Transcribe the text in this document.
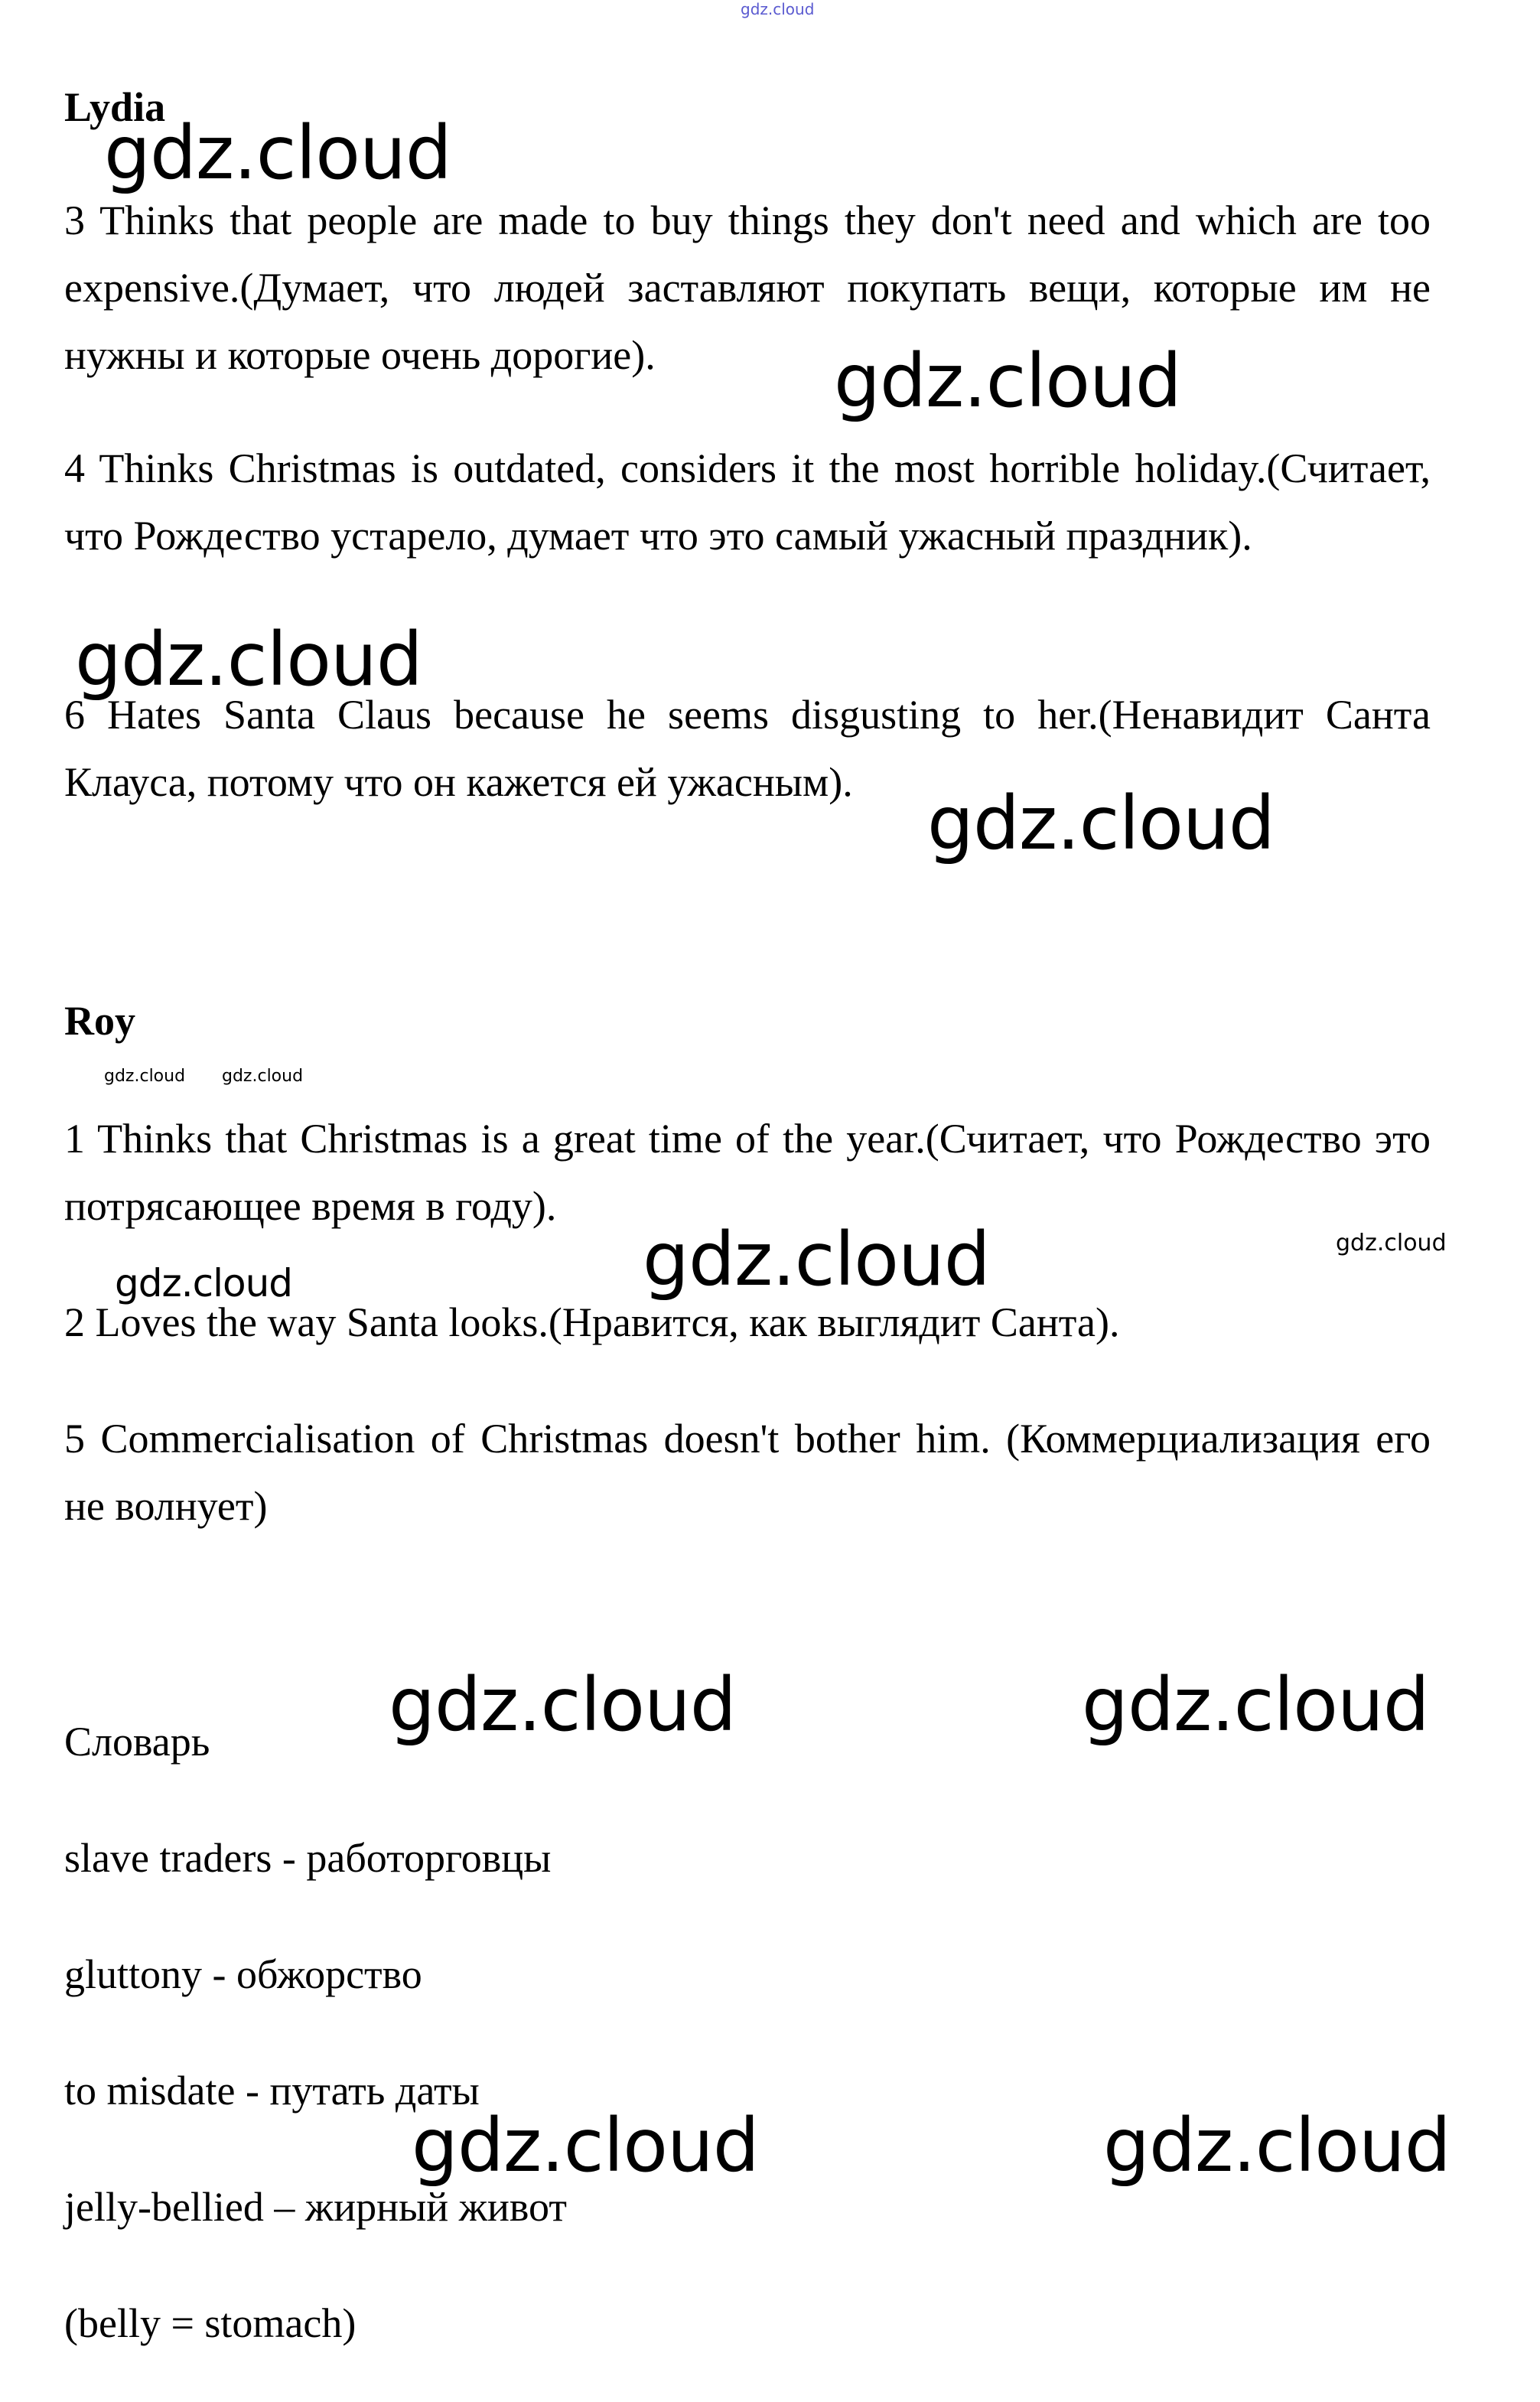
gdz.cloud

Lydia

3 Thinks that people are made to buy things they don't need and which are too expensive.(Думает, что людей заставляют покупать вещи, которые им не нужны и которые очень дорогие).

4 Thinks Christmas is outdated, considers it the most horrible holiday.(Считает, что Рождество устарело, думает что это самый ужасный праздник).

6 Hates Santa Claus because he seems disgusting to her.(Ненавидит Санта Клауса, потому что он кажется ей ужасным).

Roy

1 Thinks that Christmas is a great time of the year.(Считает, что Рождество это потрясающее время в году).

2 Loves the way Santa looks.(Нравится, как выглядит Санта).

5 Commercialisation of Christmas doesn't bother him. (Коммерциализация его не волнует)

Словарь

slave traders - работорговцы

gluttony - обжорство

to misdate - путать даты

jelly-bellied – жирный живот

(belly = stomach)

gdz.cloud
gdz.cloud
gdz.cloud
gdz.cloud
gdz.cloud
gdz.cloud	gdz.cloud
gdz.cloud	gdz.cloud
gdz.cloud gdz.cloud
gdz.cloud
gdz.cloud
